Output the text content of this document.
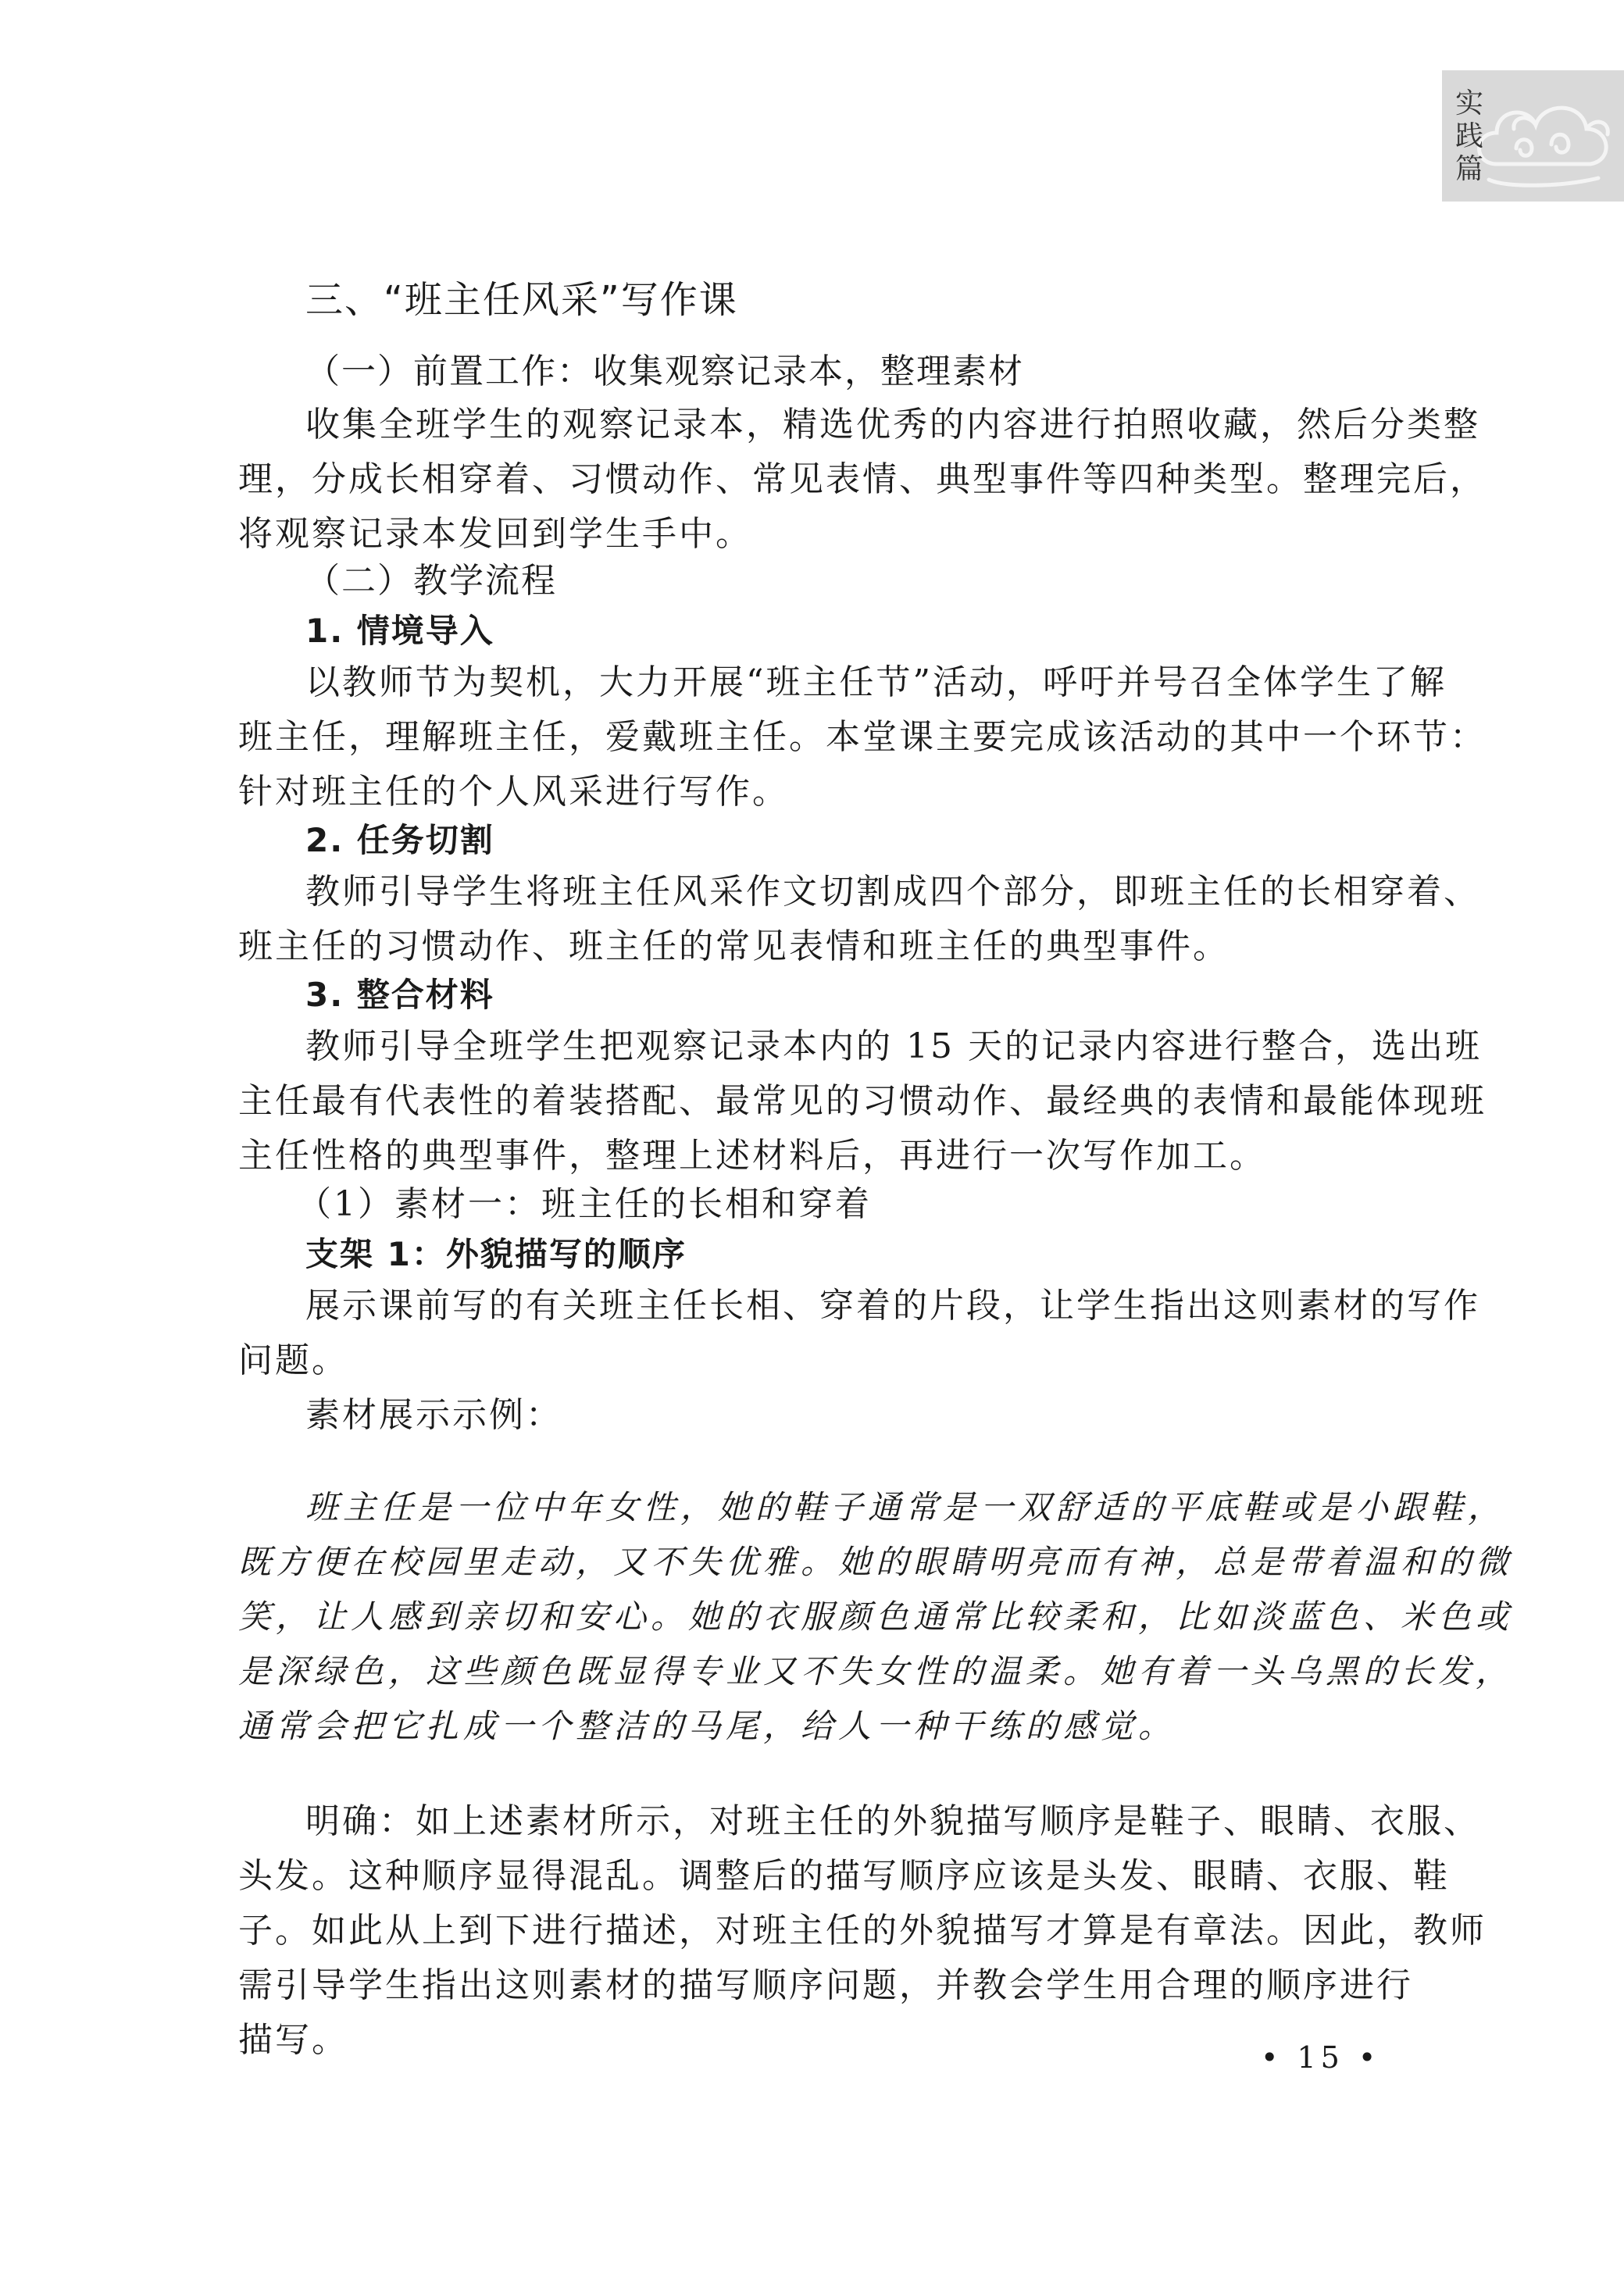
实践篇
三、“班主任风采”写作课
（一）前置工作：收集观察记录本，整理素材
收集全班学生的观察记录本，精选优秀的内容进行拍照收藏，然后分类整
理，分成长相穿着、习惯动作、常见表情、典型事件等四种类型。整理完后，
将观察记录本发回到学生手中。
（二）教学流程
1. 情境导入
以教师节为契机，大力开展“班主任节”活动，呼吁并号召全体学生了解
班主任，理解班主任，爱戴班主任。本堂课主要完成该活动的其中一个环节：
针对班主任的个人风采进行写作。
2. 任务切割
教师引导学生将班主任风采作文切割成四个部分，即班主任的长相穿着、
班主任的习惯动作、班主任的常见表情和班主任的典型事件。
3. 整合材料
教师引导全班学生把观察记录本内的 15 天的记录内容进行整合，选出班
主任最有代表性的着装搭配、最常见的习惯动作、最经典的表情和最能体现班
主任性格的典型事件，整理上述材料后，再进行一次写作加工。
（1）素材一：班主任的长相和穿着
支架 1：外貌描写的顺序
展示课前写的有关班主任长相、穿着的片段，让学生指出这则素材的写作
问题。
素材展示示例：
班主任是一位中年女性，她的鞋子通常是一双舒适的平底鞋或是小跟鞋，
既方便在校园里走动，又不失优雅。她的眼睛明亮而有神，总是带着温和的微
笑，让人感到亲切和安心。她的衣服颜色通常比较柔和，比如淡蓝色、米色或
是深绿色，这些颜色既显得专业又不失女性的温柔。她有着一头乌黑的长发，
通常会把它扎成一个整洁的马尾，给人一种干练的感觉。
明确：如上述素材所示，对班主任的外貌描写顺序是鞋子、眼睛、衣服、
头发。这种顺序显得混乱。调整后的描写顺序应该是头发、眼睛、衣服、鞋
子。如此从上到下进行描述，对班主任的外貌描写才算是有章法。因此，教师
需引导学生指出这则素材的描写顺序问题，并教会学生用合理的顺序进行
描写。	• 15 •
